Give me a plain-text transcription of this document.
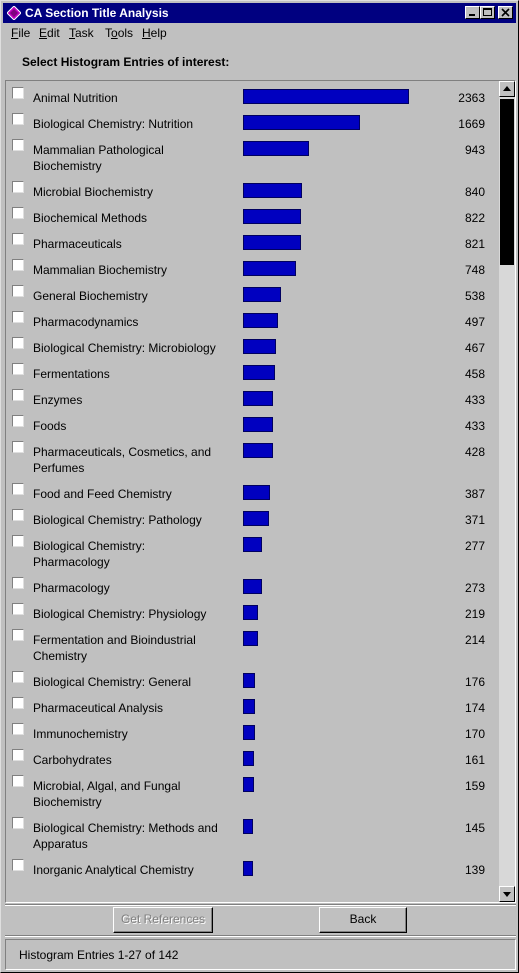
CA Section Title Analysis
File Edit Task Tools Help
Select Histogram Entries of interest:
Animal Nutrition	2363
Biological Chemistry: Nutrition	1669
Mammalian Pathological Biochemistry
943
Microbial Biochemistry	840
Biochemical Methods	822
Pharmaceuticals	821
Mammalian Biochemistry	748
General Biochemistry	538
Pharmacodynamics	497
Biological Chemistry: Microbiology	467
Fermentations	458
Enzymes	433
Foods	433
Pharmaceuticals, Cosmetics, and Perfumes
428
Food and Feed Chemistry	387
Biological Chemistry: Pathology	371
Biological Chemistry: Pharmacology
277
Pharmacology	273
Biological Chemistry: Physiology	219
Fermentation and Bioindustrial Chemistry
214
Biological Chemistry: General	176
Pharmaceutical Analysis	174
Immunochemistry	170
Carbohydrates	161
Microbial, Algal, and Fungal Biochemistry
159
Biological Chemistry: Methods and Apparatus
145
Inorganic Analytical Chemistry	139
Get References	Back
Histogram Entries 1-27 of 142
